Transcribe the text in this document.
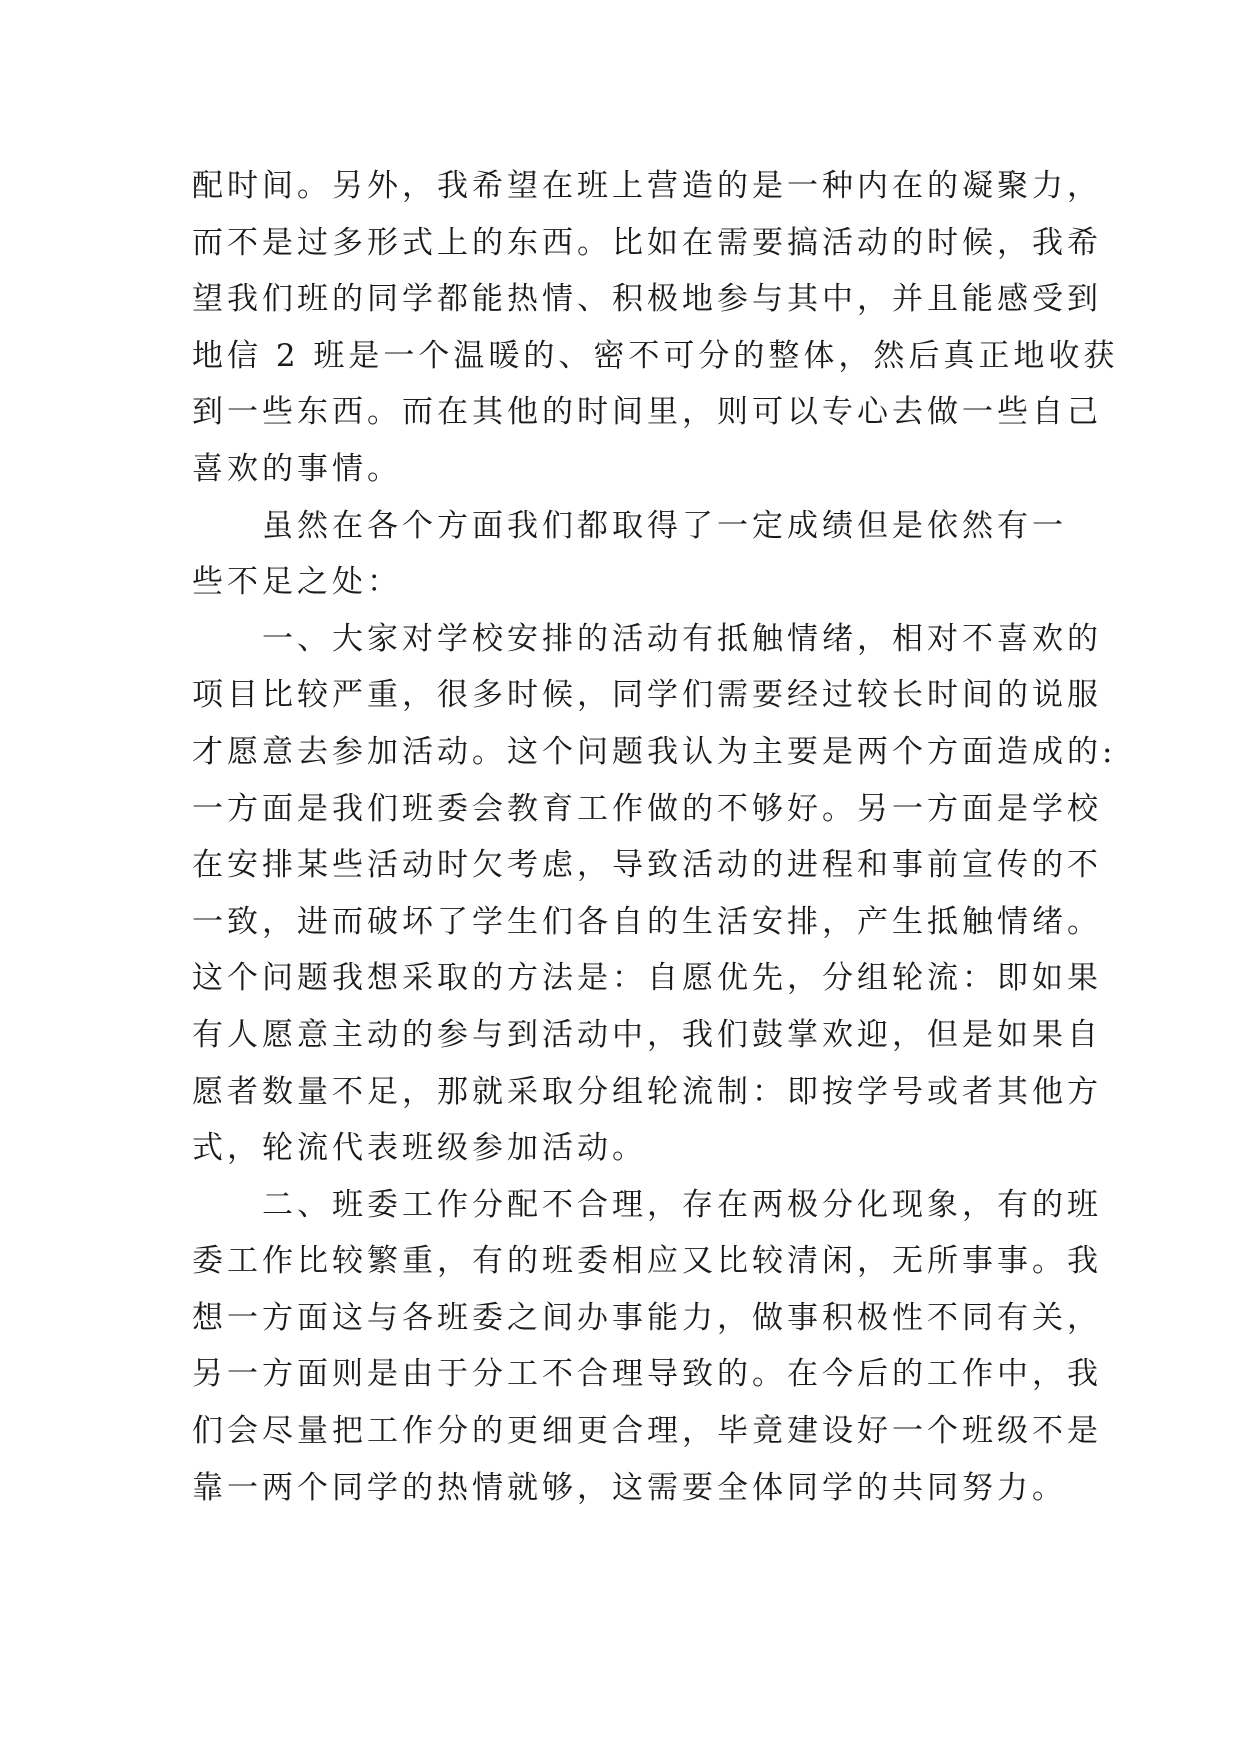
配时间。另外，我希望在班上营造的是一种内在的凝聚力，
而不是过多形式上的东西。比如在需要搞活动的时候，我希
望我们班的同学都能热情、积极地参与其中，并且能感受到
地信 2 班是一个温暖的、密不可分的整体，然后真正地收获
到一些东西。而在其他的时间里，则可以专心去做一些自己
喜欢的事情。
虽然在各个方面我们都取得了一定成绩但是依然有一
些不足之处：
一、大家对学校安排的活动有抵触情绪，相对不喜欢的
项目比较严重，很多时候，同学们需要经过较长时间的说服
才愿意去参加活动。这个问题我认为主要是两个方面造成的:
一方面是我们班委会教育工作做的不够好。另一方面是学校
在安排某些活动时欠考虑，导致活动的进程和事前宣传的不
一致，进而破坏了学生们各自的生活安排，产生抵触情绪。
这个问题我想采取的方法是：自愿优先，分组轮流：即如果
有人愿意主动的参与到活动中，我们鼓掌欢迎，但是如果自
愿者数量不足，那就采取分组轮流制：即按学号或者其他方
式，轮流代表班级参加活动。
二、班委工作分配不合理，存在两极分化现象，有的班
委工作比较繁重，有的班委相应又比较清闲，无所事事。我
想一方面这与各班委之间办事能力，做事积极性不同有关，
另一方面则是由于分工不合理导致的。在今后的工作中，我
们会尽量把工作分的更细更合理，毕竟建设好一个班级不是
靠一两个同学的热情就够，这需要全体同学的共同努力。
